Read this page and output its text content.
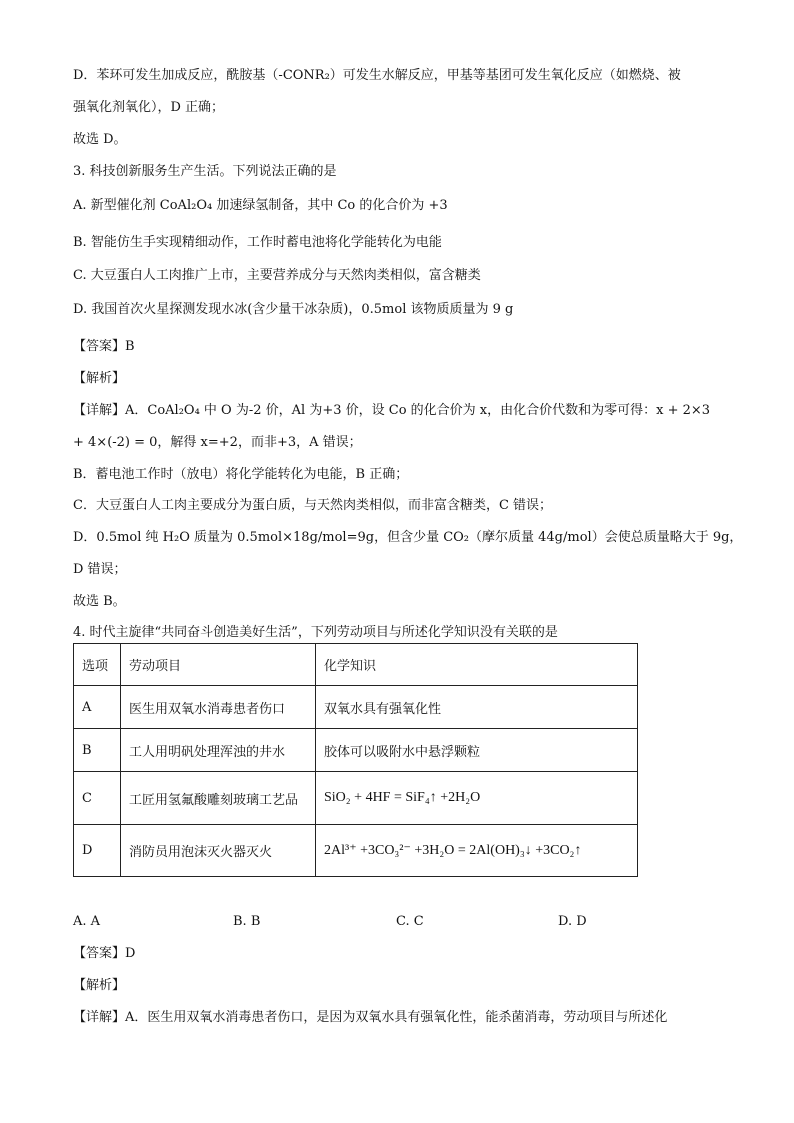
D．苯环可发生加成反应，酰胺基（-CONR₂）可发生水解反应，甲基等基团可发生氧化反应（如燃烧、被
强氧化剂氧化），D 正确；
故选 D。
3. 科技创新服务生产生活。下列说法正确的是
A. 新型催化剂 CoAl₂O₄ 加速绿氢制备，其中 Co 的化合价为 +3
B. 智能仿生手实现精细动作，工作时蓄电池将化学能转化为电能
C. 大豆蛋白人工肉推广上市，主要营养成分与天然肉类相似，富含糖类
D. 我国首次火星探测发现水冰(含少量干冰杂质)，0.5mol 该物质质量为 9 g
【答案】B
【解析】
【详解】A．CoAl₂O₄ 中 O 为-2 价，Al 为+3 价，设 Co 的化合价为 x，由化合价代数和为零可得：x + 2×3
+ 4×(-2) = 0，解得 x=+2，而非+3，A 错误；
B．蓄电池工作时（放电）将化学能转化为电能，B 正确；
C．大豆蛋白人工肉主要成分为蛋白质，与天然肉类相似，而非富含糖类，C 错误；
D．0.5mol 纯 H₂O 质量为 0.5mol×18g/mol=9g，但含少量 CO₂（摩尔质量 44g/mol）会使总质量略大于 9g，
D 错误；
故选 B。
4. 时代主旋律“共同奋斗创造美好生活”，下列劳动项目与所述化学知识没有关联的是
选项	劳动项目	化学知识
A	医生用双氧水消毒患者伤口	双氧水具有强氧化性
B	工人用明矾处理浑浊的井水	胶体可以吸附水中悬浮颗粒
C	工匠用氢氟酸雕刻玻璃工艺品	SiO₂ + 4HF = SiF₄↑ +2H₂O
D	消防员用泡沫灭火器灭火	2Al³⁺ +3CO₃²⁻ +3H₂O = 2Al(OH)₃↓ +3CO₂↑
A. A	B. B	C. C	D. D
【答案】D
【解析】
【详解】A．医生用双氧水消毒患者伤口，是因为双氧水具有强氧化性，能杀菌消毒，劳动项目与所述化
